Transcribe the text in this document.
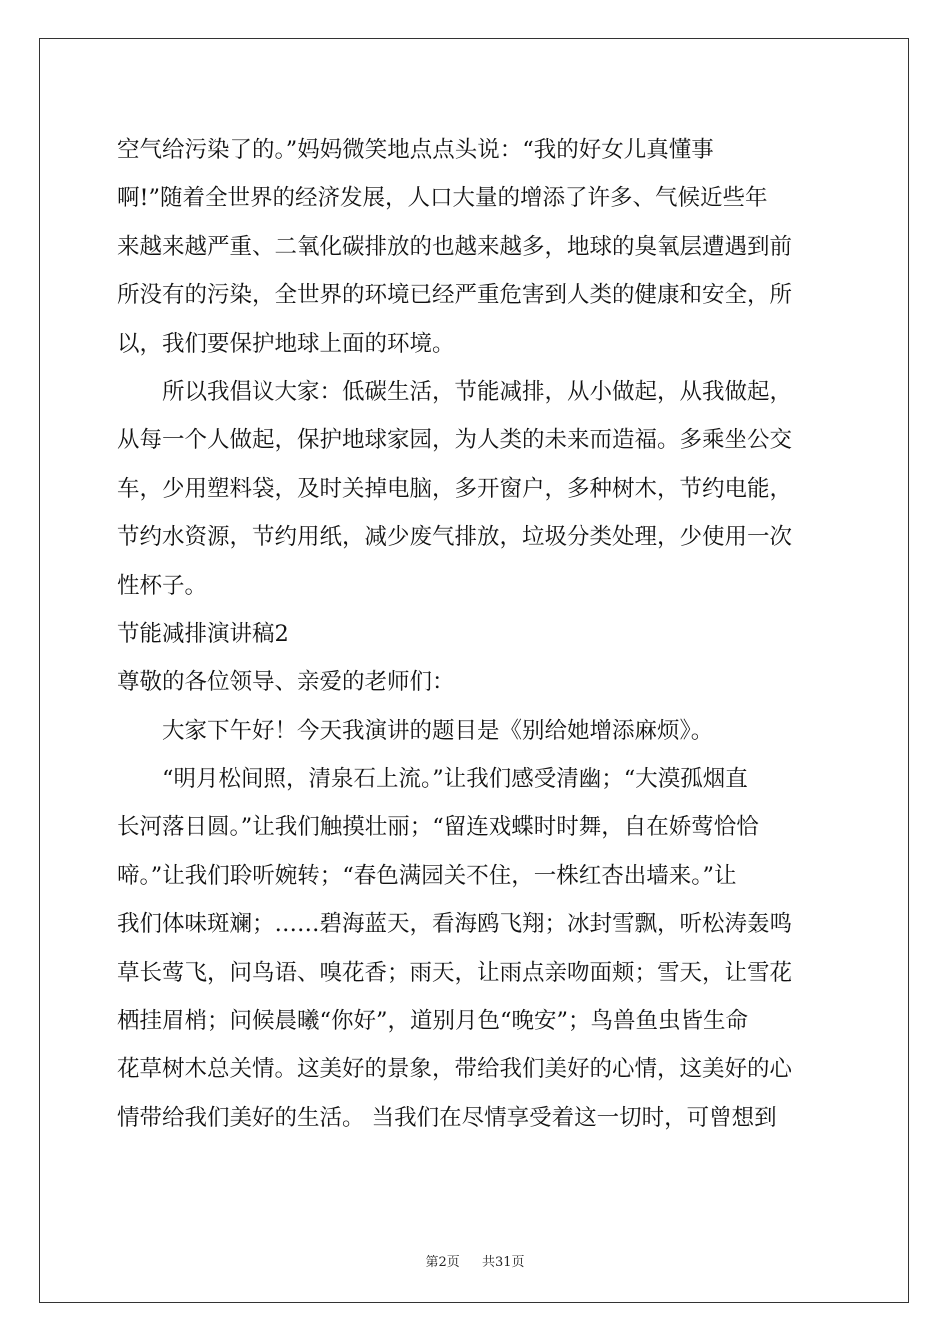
空气给污染了的。”妈妈微笑地点点头说：“我的好女儿真懂事
啊!”随着全世界的经济发展，人口大量的增添了许多、气候近些年
来越来越严重、二氧化碳排放的也越来越多，地球的臭氧层遭遇到前
所没有的污染，全世界的环境已经严重危害到人类的健康和安全，所
以，我们要保护地球上面的环境。
　　所以我倡议大家：低碳生活，节能减排，从小做起，从我做起，
从每一个人做起，保护地球家园，为人类的未来而造福。多乘坐公交
车，少用塑料袋，及时关掉电脑，多开窗户，多种树木，节约电能，
节约水资源，节约用纸，减少废气排放，垃圾分类处理，少使用一次
性杯子。
节能减排演讲稿2
尊敬的各位领导、亲爱的老师们：
　　大家下午好！今天我演讲的题目是《别给她增添麻烦》。
　　“明月松间照，清泉石上流。”让我们感受清幽；“大漠孤烟直
长河落日圆。”让我们触摸壮丽；“留连戏蝶时时舞，自在娇莺恰恰
啼。”让我们聆听婉转；“春色满园关不住，一株红杏出墙来。”让
我们体味斑斓；……碧海蓝天，看海鸥飞翔；冰封雪飘，听松涛轰鸣
草长莺飞，问鸟语、嗅花香；雨天，让雨点亲吻面颊；雪天，让雪花
栖挂眉梢；问候晨曦“你好”，道别月色“晚安”；鸟兽鱼虫皆生命
花草树木总关情。这美好的景象，带给我们美好的心情，这美好的心
情带给我们美好的生活。 当我们在尽情享受着这一切时，可曾想到
第2页 共31页
